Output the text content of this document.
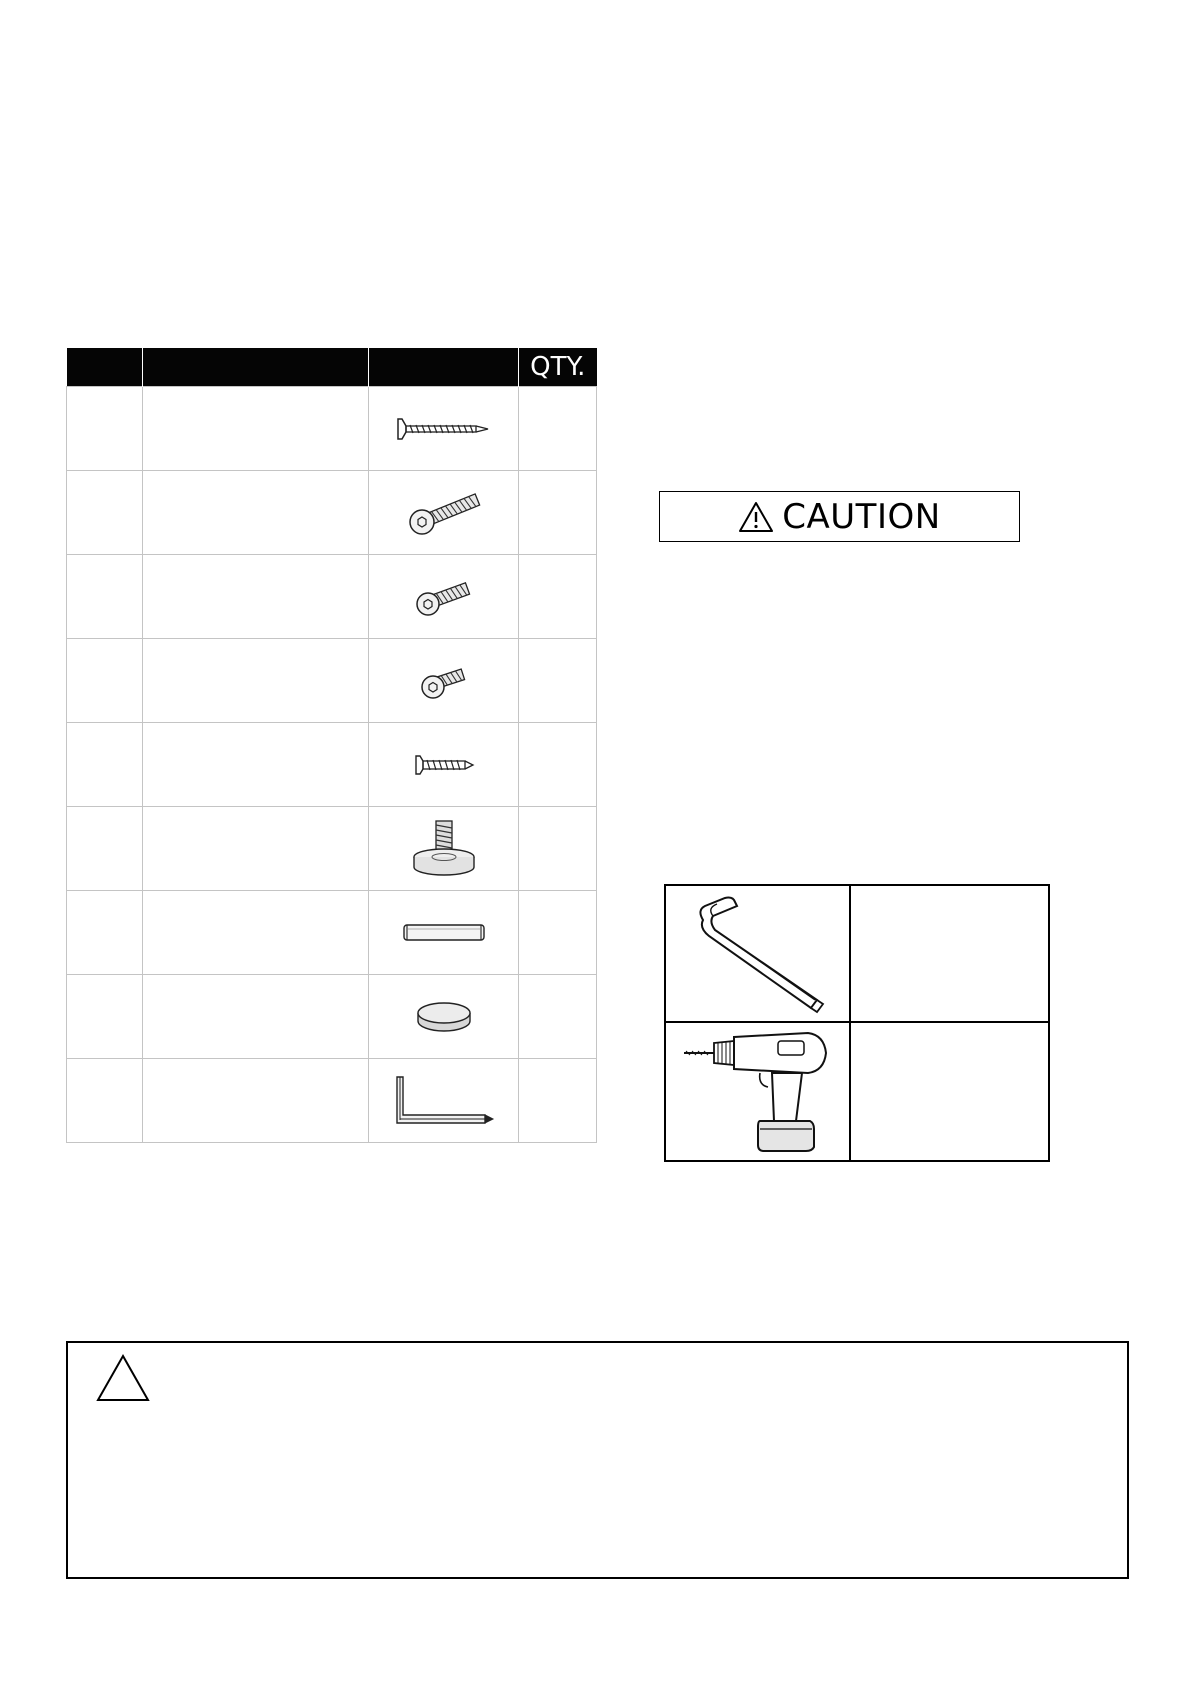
			QTY.

CAUTION
